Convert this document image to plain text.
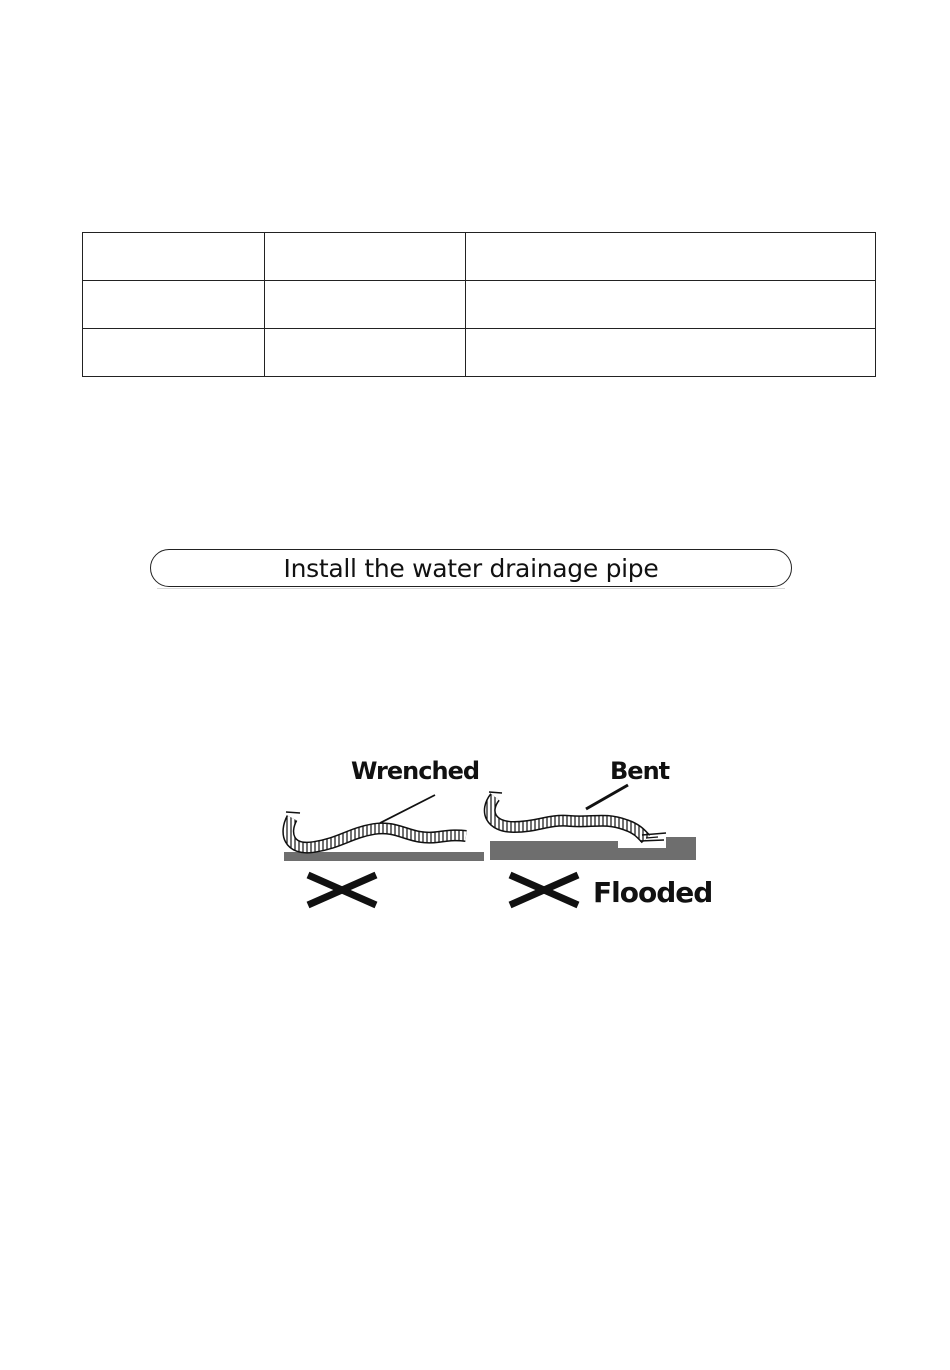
Install the water drainage pipe
Wrenched	Bent
Flooded
